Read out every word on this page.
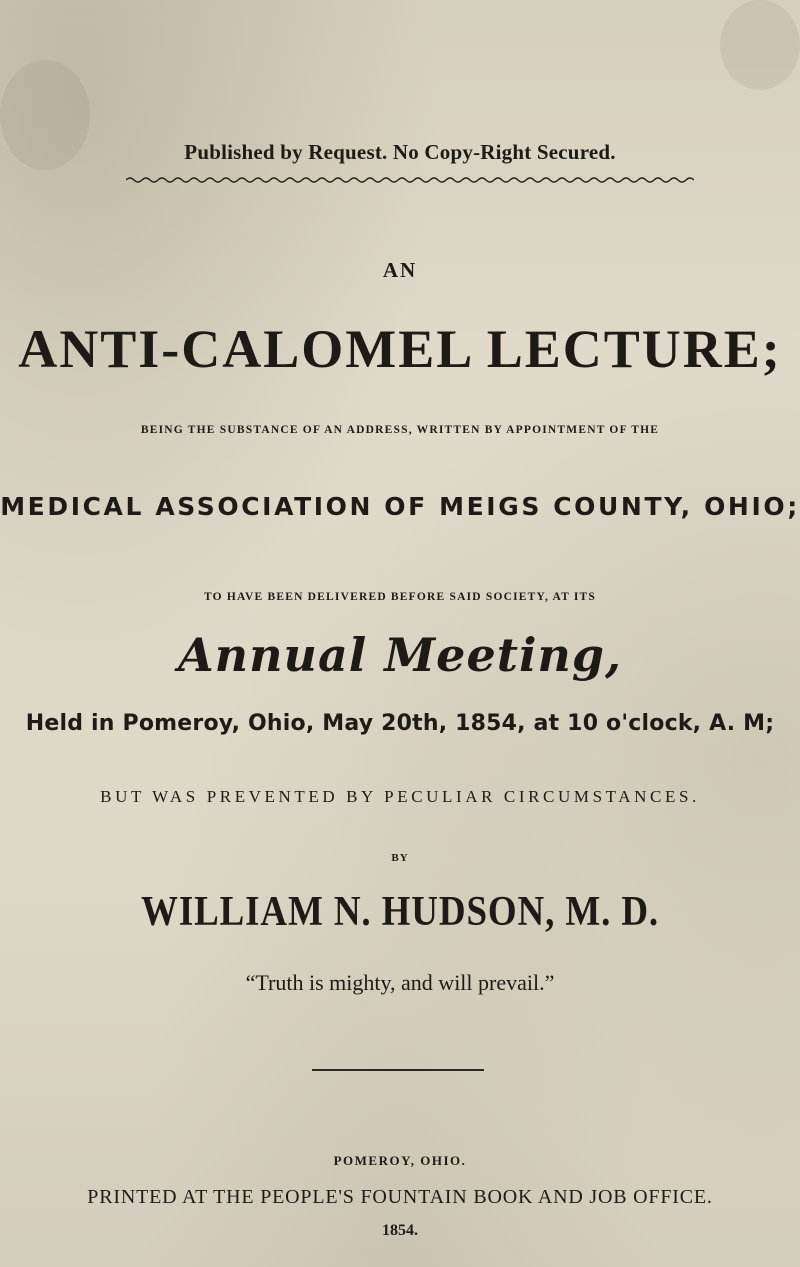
Published by Request. No Copy-Right Secured.
AN
ANTI-CALOMEL LECTURE;
BEING THE SUBSTANCE OF AN ADDRESS, WRITTEN BY APPOINTMENT OF THE
MEDICAL ASSOCIATION OF MEIGS COUNTY, OHIO;
TO HAVE BEEN DELIVERED BEFORE SAID SOCIETY, AT ITS
Annual Meeting,
Held in Pomeroy, Ohio, May 20th, 1854, at 10 o'clock, A. M;
BUT WAS PREVENTED BY PECULIAR CIRCUMSTANCES.
BY
WILLIAM N. HUDSON, M. D.
“Truth is mighty, and will prevail.”
POMEROY, OHIO.
PRINTED AT THE PEOPLE'S FOUNTAIN BOOK AND JOB OFFICE.
1854.
